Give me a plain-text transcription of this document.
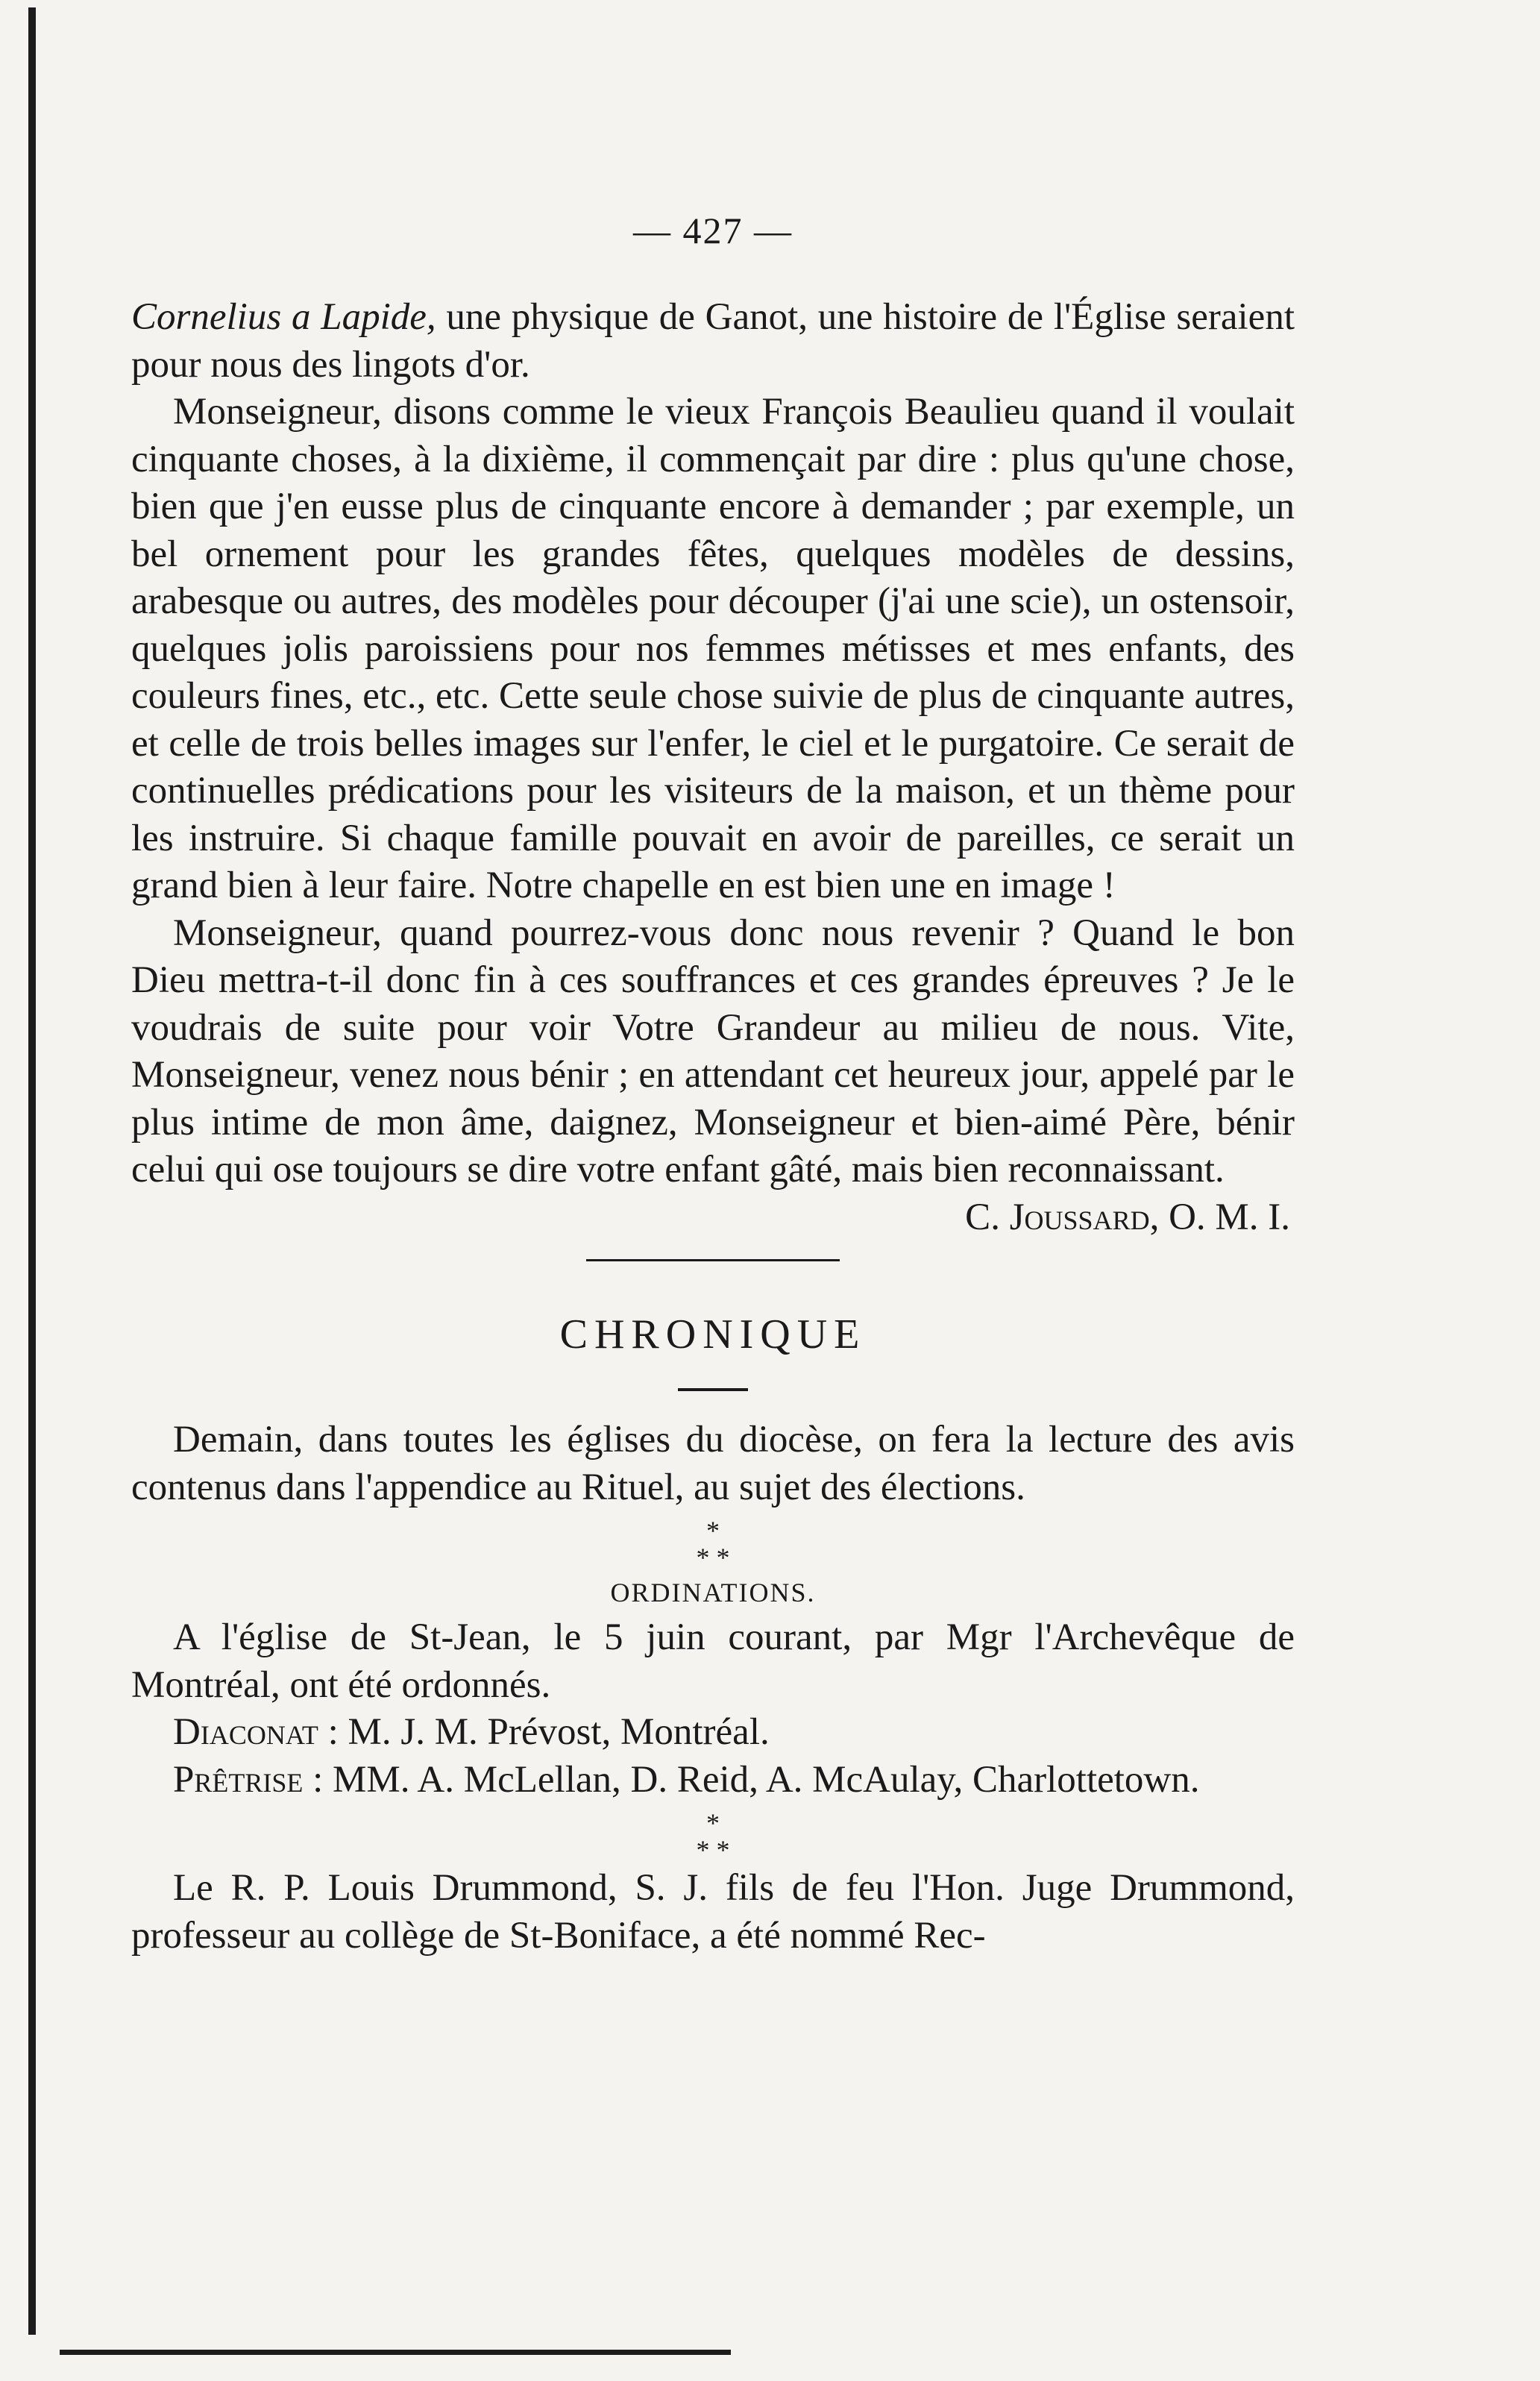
— 427 —

Cornelius a Lapide, une physique de Ganot, une histoire de l'Église seraient pour nous des lingots d'or.

Monseigneur, disons comme le vieux François Beaulieu quand il voulait cinquante choses, à la dixième, il commençait par dire : plus qu'une chose, bien que j'en eusse plus de cinquante encore à demander ; par exemple, un bel ornement pour les grandes fêtes, quelques modèles de dessins, arabesque ou autres, des modèles pour découper (j'ai une scie), un ostensoir, quelques jolis paroissiens pour nos femmes métisses et mes enfants, des couleurs fines, etc., etc. Cette seule chose suivie de plus de cinquante autres, et celle de trois belles images sur l'enfer, le ciel et le purgatoire. Ce serait de continuelles prédications pour les visiteurs de la maison, et un thème pour les instruire. Si chaque famille pouvait en avoir de pareilles, ce serait un grand bien à leur faire. Notre chapelle en est bien une en image !

Monseigneur, quand pourrez-vous donc nous revenir ? Quand le bon Dieu mettra-t-il donc fin à ces souffrances et ces grandes épreuves ? Je le voudrais de suite pour voir Votre Grandeur au milieu de nous. Vite, Monseigneur, venez nous bénir ; en attendant cet heureux jour, appelé par le plus intime de mon âme, daignez, Monseigneur et bien-aimé Père, bénir celui qui ose toujours se dire votre enfant gâté, mais bien reconnaissant.

C. Joussard, O. M. I.

CHRONIQUE

Demain, dans toutes les églises du diocèse, on fera la lecture des avis contenus dans l'appendice au Rituel, au sujet des élections.

*
* *
ORDINATIONS.

A l'église de St-Jean, le 5 juin courant, par Mgr l'Archevêque de Montréal, ont été ordonnés.

Diaconat : M. J. M. Prévost, Montréal.

Prêtrise : MM. A. McLellan, D. Reid, A. McAulay, Charlottetown.

*
* *

Le R. P. Louis Drummond, S. J. fils de feu l'Hon. Juge Drummond, professeur au collège de St-Boniface, a été nommé Rec-
